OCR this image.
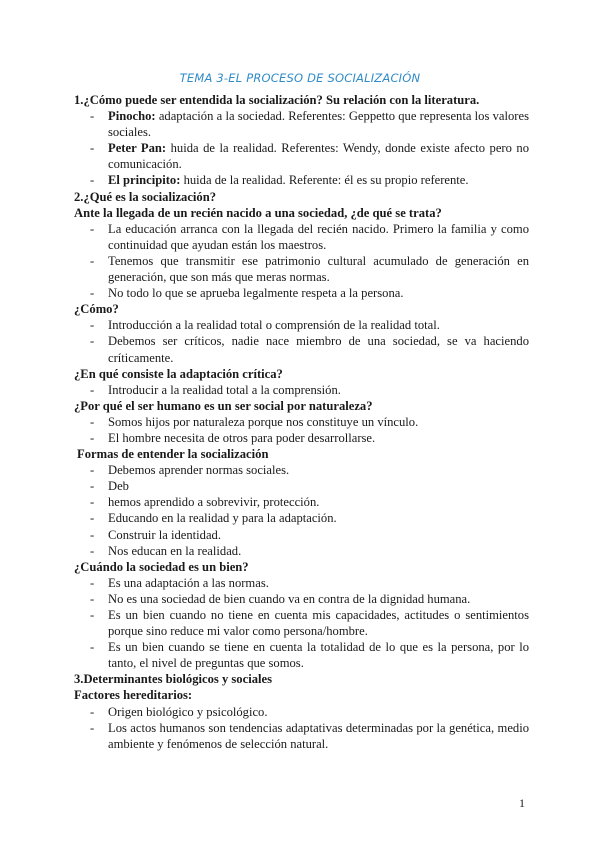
TEMA 3-EL PROCESO DE SOCIALIZACIÓN
1.¿Cómo puede ser entendida la socialización? Su relación con la literatura.
- Pinocho: adaptación a la sociedad. Referentes: Geppetto que representa los valores sociales.
- Peter Pan: huida de la realidad. Referentes: Wendy, donde existe afecto pero no comunicación.
- El principito: huida de la realidad. Referente: él es su propio referente.
2.¿Qué es la socialización?
Ante la llegada de un recién nacido a una sociedad, ¿de qué se trata?
- La educación arranca con la llegada del recién nacido. Primero la familia y como continuidad que ayudan están los maestros.
- Tenemos que transmitir ese patrimonio cultural acumulado de generación en generación, que son más que meras normas.
- No todo lo que se aprueba legalmente respeta a la persona.
¿Cómo?
- Introducción a la realidad total o comprensión de la realidad total.
- Debemos ser críticos, nadie nace miembro de una sociedad, se va haciendo críticamente.
¿En qué consiste la adaptación crítica?
- Introducir a la realidad total a la comprensión.
¿Por qué el ser humano es un ser social por naturaleza?
- Somos hijos por naturaleza porque nos constituye un vínculo.
- El hombre necesita de otros para poder desarrollarse.
Formas de entender la socialización
- Debemos aprender normas sociales.
- Deb
- hemos aprendido a sobrevivir, protección.
- Educando en la realidad y para la adaptación.
- Construir la identidad.
- Nos educan en la realidad.
¿Cuándo la sociedad es un bien?
- Es una adaptación a las normas.
- No es una sociedad de bien cuando va en contra de la dignidad humana.
- Es un bien cuando no tiene en cuenta mis capacidades, actitudes o sentimientos porque sino reduce mi valor como persona/hombre.
- Es un bien cuando se tiene en cuenta la totalidad de lo que es la persona, por lo tanto, el nivel de preguntas que somos.
3.Determinantes biológicos y sociales
Factores hereditarios:
- Origen biológico y psicológico.
- Los actos humanos son tendencias adaptativas determinadas por la genética, medio ambiente y fenómenos de selección natural.
1
